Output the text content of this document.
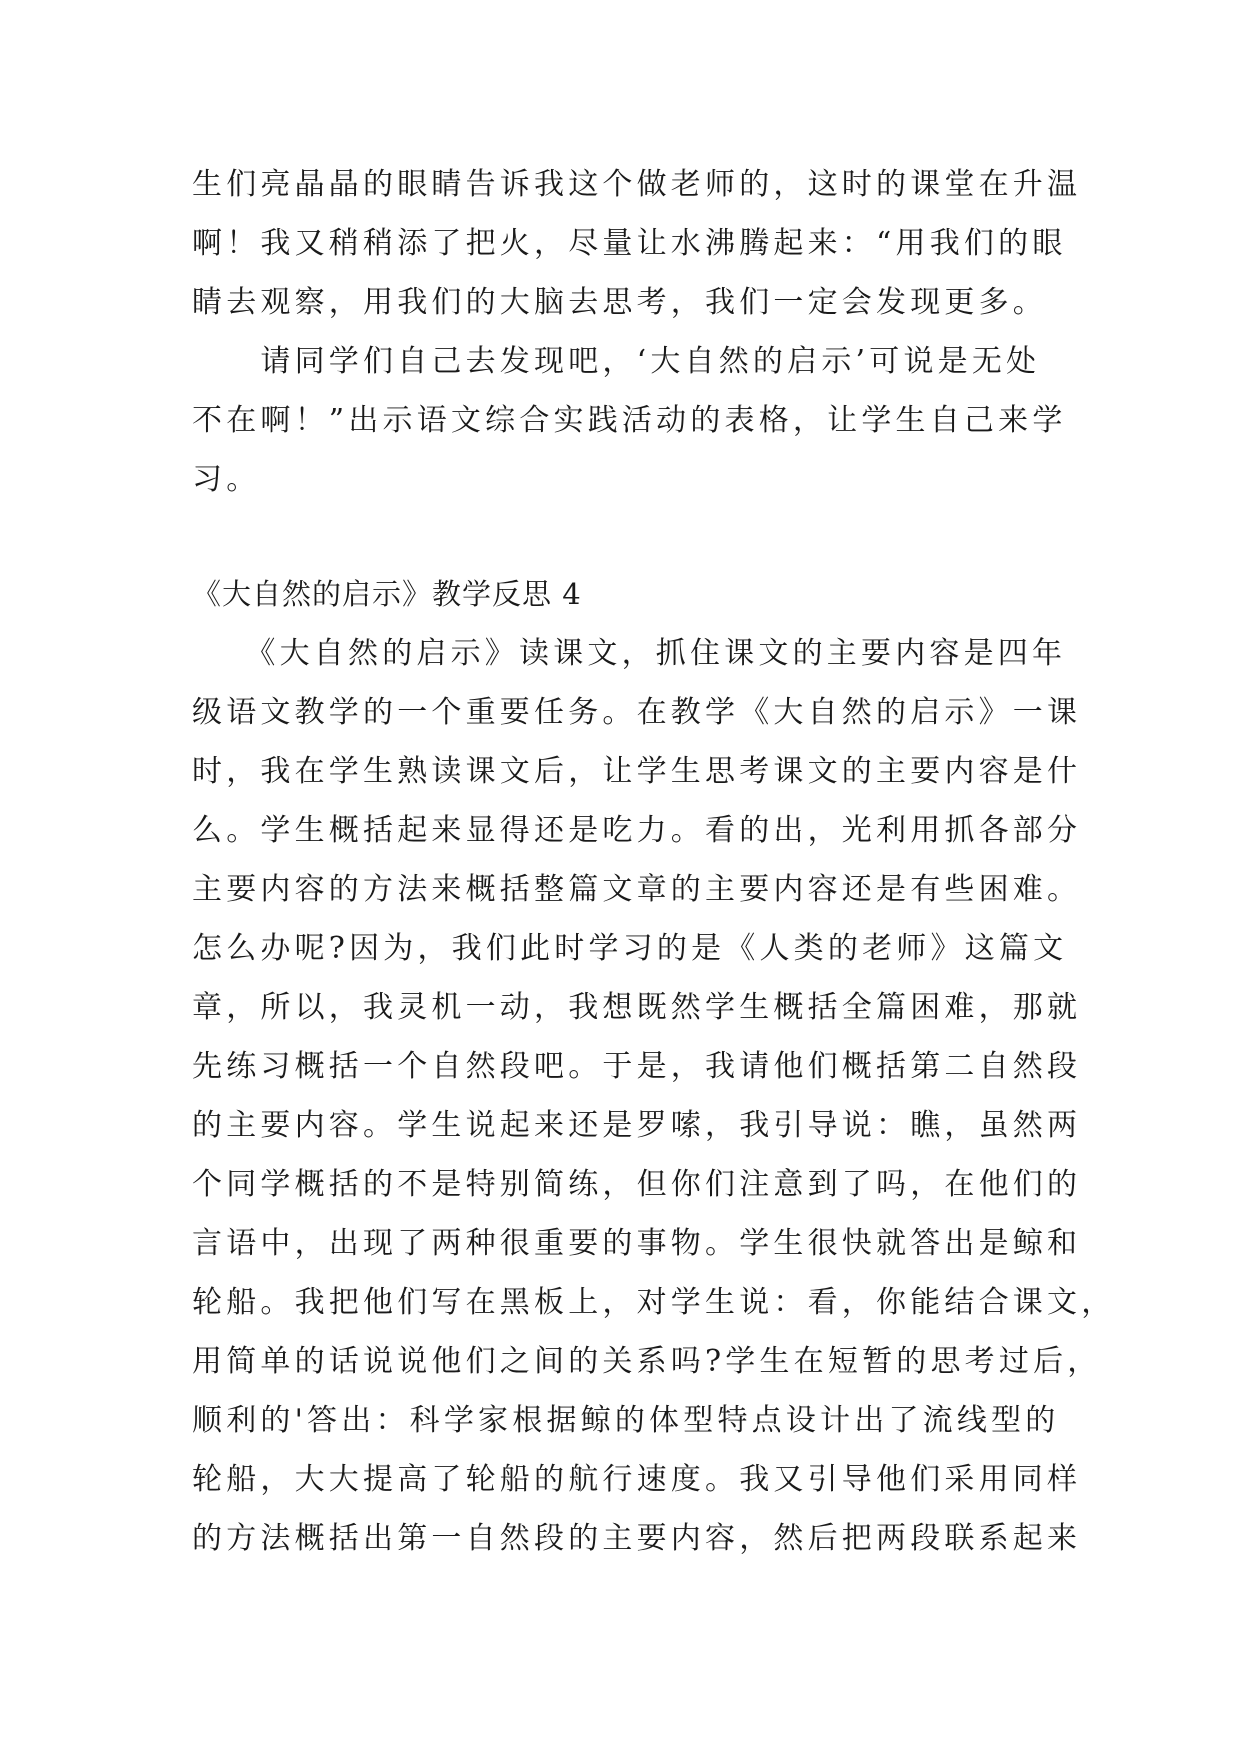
生们亮晶晶的眼睛告诉我这个做老师的，这时的课堂在升温
啊！我又稍稍添了把火，尽量让水沸腾起来：“用我们的眼
睛去观察，用我们的大脑去思考，我们一定会发现更多。
　　请同学们自己去发现吧，‘大自然的启示’可说是无处
不在啊！”出示语文综合实践活动的表格，让学生自己来学
习。
《大自然的启示》教学反思 4
　　《大自然的启示》读课文，抓住课文的主要内容是四年
级语文教学的一个重要任务。在教学《大自然的启示》一课
时，我在学生熟读课文后，让学生思考课文的主要内容是什
么。学生概括起来显得还是吃力。看的出，光利用抓各部分
主要内容的方法来概括整篇文章的主要内容还是有些困难。
怎么办呢?因为，我们此时学习的是《人类的老师》这篇文
章，所以，我灵机一动，我想既然学生概括全篇困难，那就
先练习概括一个自然段吧。于是，我请他们概括第二自然段
的主要内容。学生说起来还是罗嗦，我引导说：瞧，虽然两
个同学概括的不是特别简练，但你们注意到了吗，在他们的
言语中，出现了两种很重要的事物。学生很快就答出是鲸和
轮船。我把他们写在黑板上，对学生说：看，你能结合课文，
用简单的话说说他们之间的关系吗?学生在短暂的思考过后，
顺利的'答出：科学家根据鲸的体型特点设计出了流线型的
轮船，大大提高了轮船的航行速度。我又引导他们采用同样
的方法概括出第一自然段的主要内容，然后把两段联系起来
